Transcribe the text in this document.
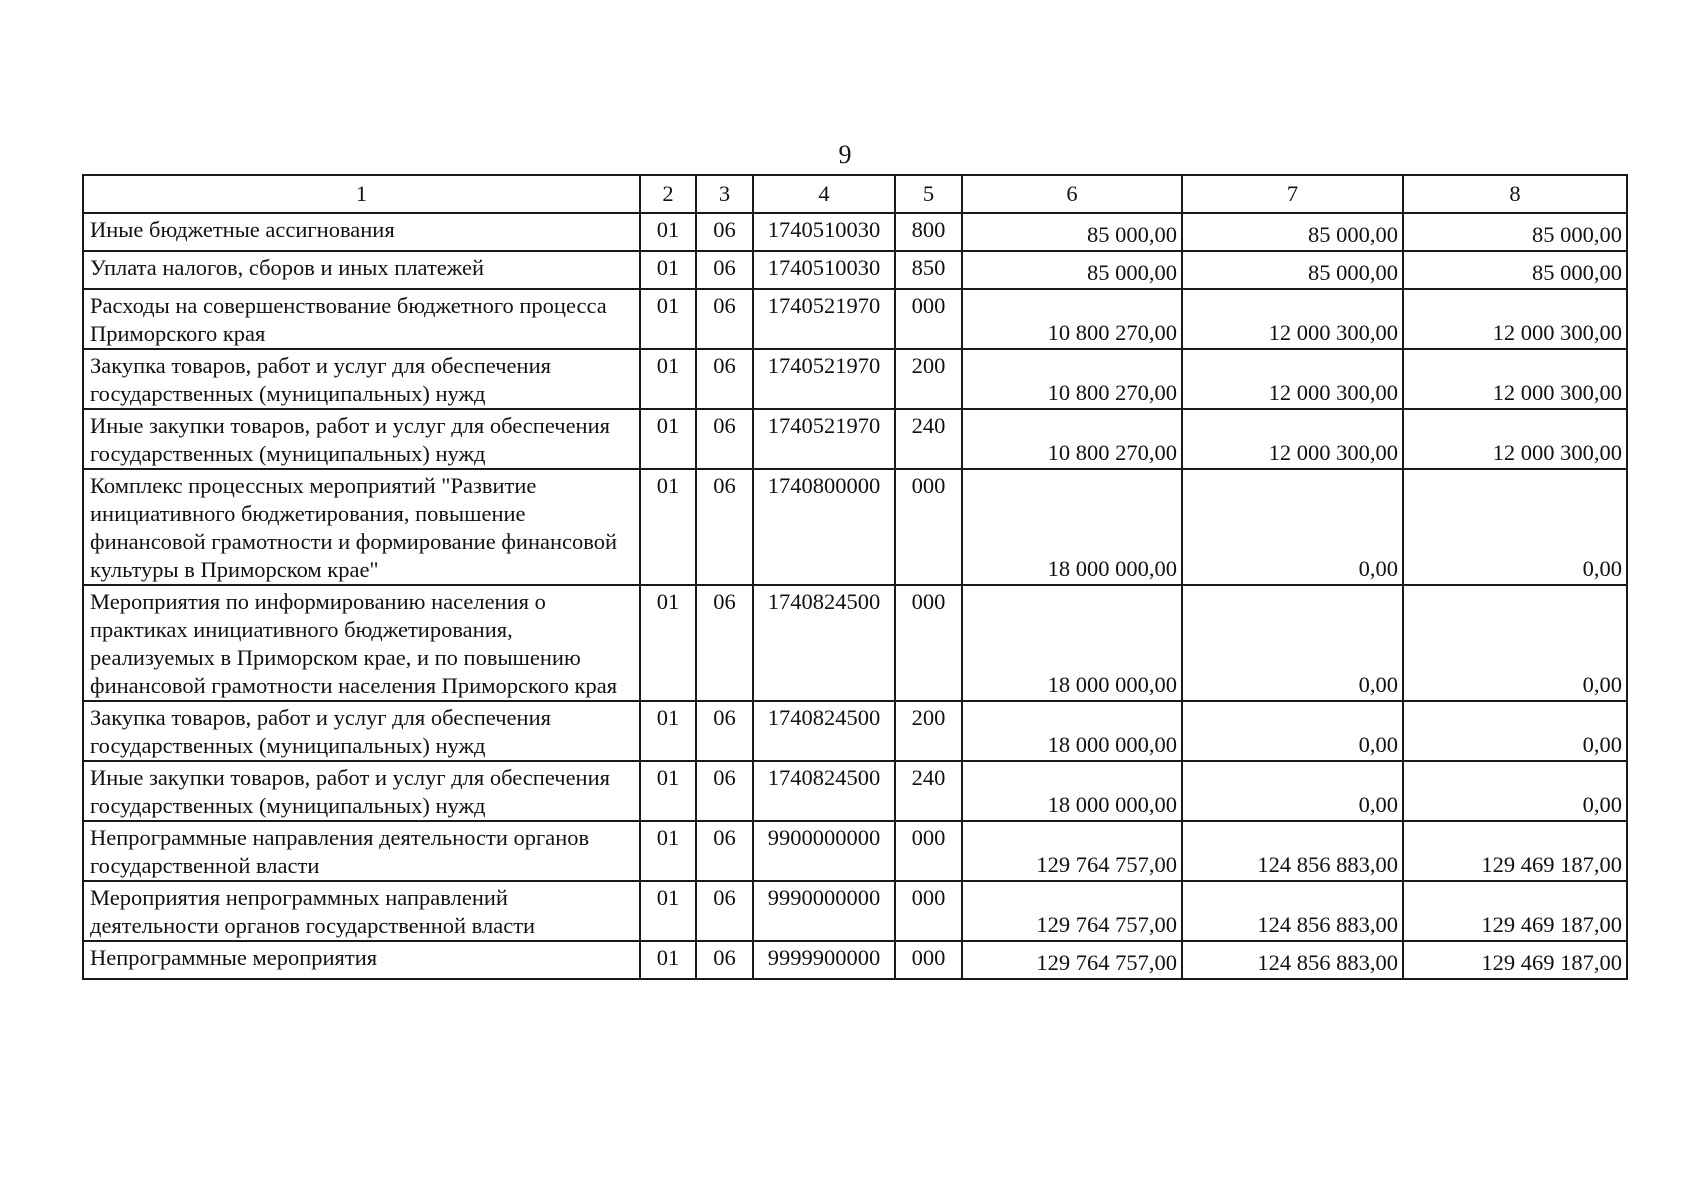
9
1	2	3	4	5	6	7	8
Иные бюджетные ассигнования	01	06	1740510030	800	85 000,00	85 000,00	85 000,00
Уплата налогов, сборов и иных платежей	01	06	1740510030	850	85 000,00	85 000,00	85 000,00
Расходы на совершенствование бюджетного процесса Приморского края	01	06	1740521970	000	10 800 270,00	12 000 300,00	12 000 300,00
Закупка товаров, работ и услуг для обеспечения государственных (муниципальных) нужд	01	06	1740521970	200	10 800 270,00	12 000 300,00	12 000 300,00
Иные закупки товаров, работ и услуг для обеспечения государственных (муниципальных) нужд	01	06	1740521970	240	10 800 270,00	12 000 300,00	12 000 300,00
Комплекс процессных мероприятий "Развитие инициативного бюджетирования, повышение финансовой грамотности и формирование финансовой культуры в Приморском крае"	01	06	1740800000	000	18 000 000,00	0,00	0,00
Мероприятия по информированию населения о практиках инициативного бюджетирования, реализуемых в Приморском крае, и по повышению финансовой грамотности населения Приморского края	01	06	1740824500	000	18 000 000,00	0,00	0,00
Закупка товаров, работ и услуг для обеспечения государственных (муниципальных) нужд	01	06	1740824500	200	18 000 000,00	0,00	0,00
Иные закупки товаров, работ и услуг для обеспечения государственных (муниципальных) нужд	01	06	1740824500	240	18 000 000,00	0,00	0,00
Непрограммные направления деятельности органов государственной власти	01	06	9900000000	000	129 764 757,00	124 856 883,00	129 469 187,00
Мероприятия непрограммных направлений деятельности органов государственной власти	01	06	9990000000	000	129 764 757,00	124 856 883,00	129 469 187,00
Непрограммные мероприятия	01	06	9999900000	000	129 764 757,00	124 856 883,00	129 469 187,00
